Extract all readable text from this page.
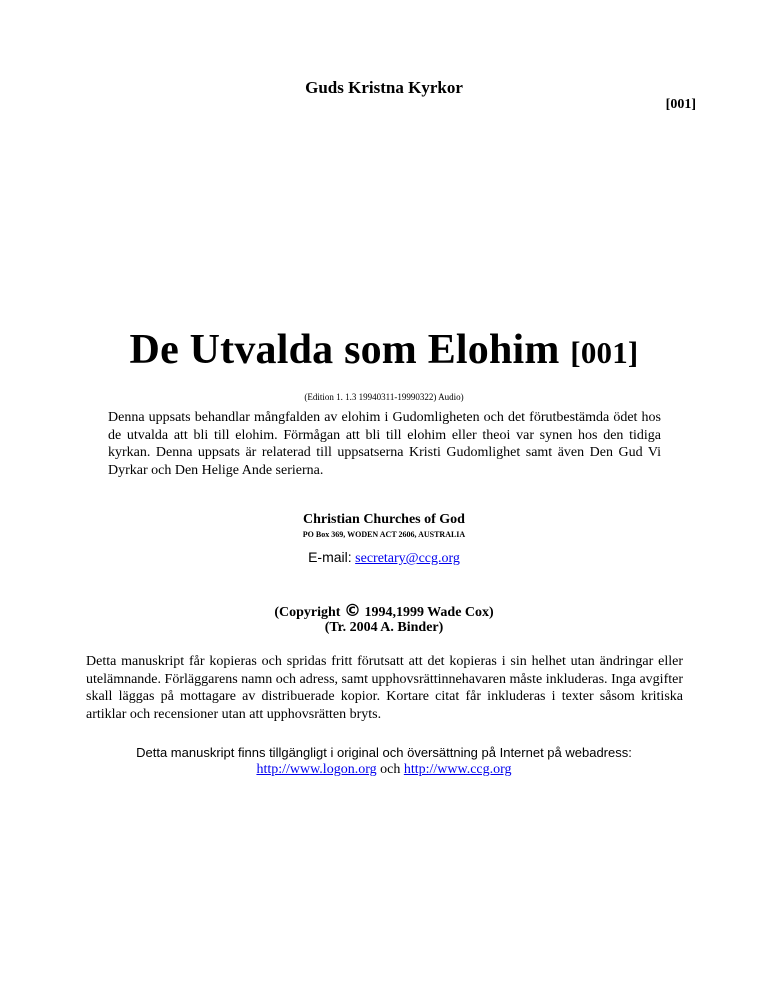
Guds Kristna Kyrkor
[001]
De Utvalda som Elohim [001]
(Edition 1. 1.3 19940311-19990322) Audio)
Denna uppsats behandlar mångfalden av elohim i Gudomligheten och det förutbestämda ödet hos de utvalda att bli till elohim. Förmågan att bli till elohim eller theoi var synen hos den tidiga kyrkan. Denna uppsats är relaterad till uppsatserna Kristi Gudomlighet samt även Den Gud Vi Dyrkar och Den Helige Ande serierna.
Christian Churches of God
PO Box 369, WODEN ACT 2606, AUSTRALIA
E-mail: secretary@ccg.org
(Copyright © 1994,1999 Wade Cox)
(Tr. 2004 A. Binder)
Detta manuskript får kopieras och spridas fritt förutsatt att det kopieras i sin helhet utan ändringar eller utelämnande. Förläggarens namn och adress, samt upphovsrättinnehavaren måste inkluderas. Inga avgifter skall läggas på mottagare av distribuerade kopior. Kortare citat får inkluderas i texter såsom kritiska artiklar och recensioner utan att upphovsrätten bryts.
Detta manuskript finns tillgängligt i original och översättning på Internet på webadress:
http://www.logon.org och http://www.ccg.org
